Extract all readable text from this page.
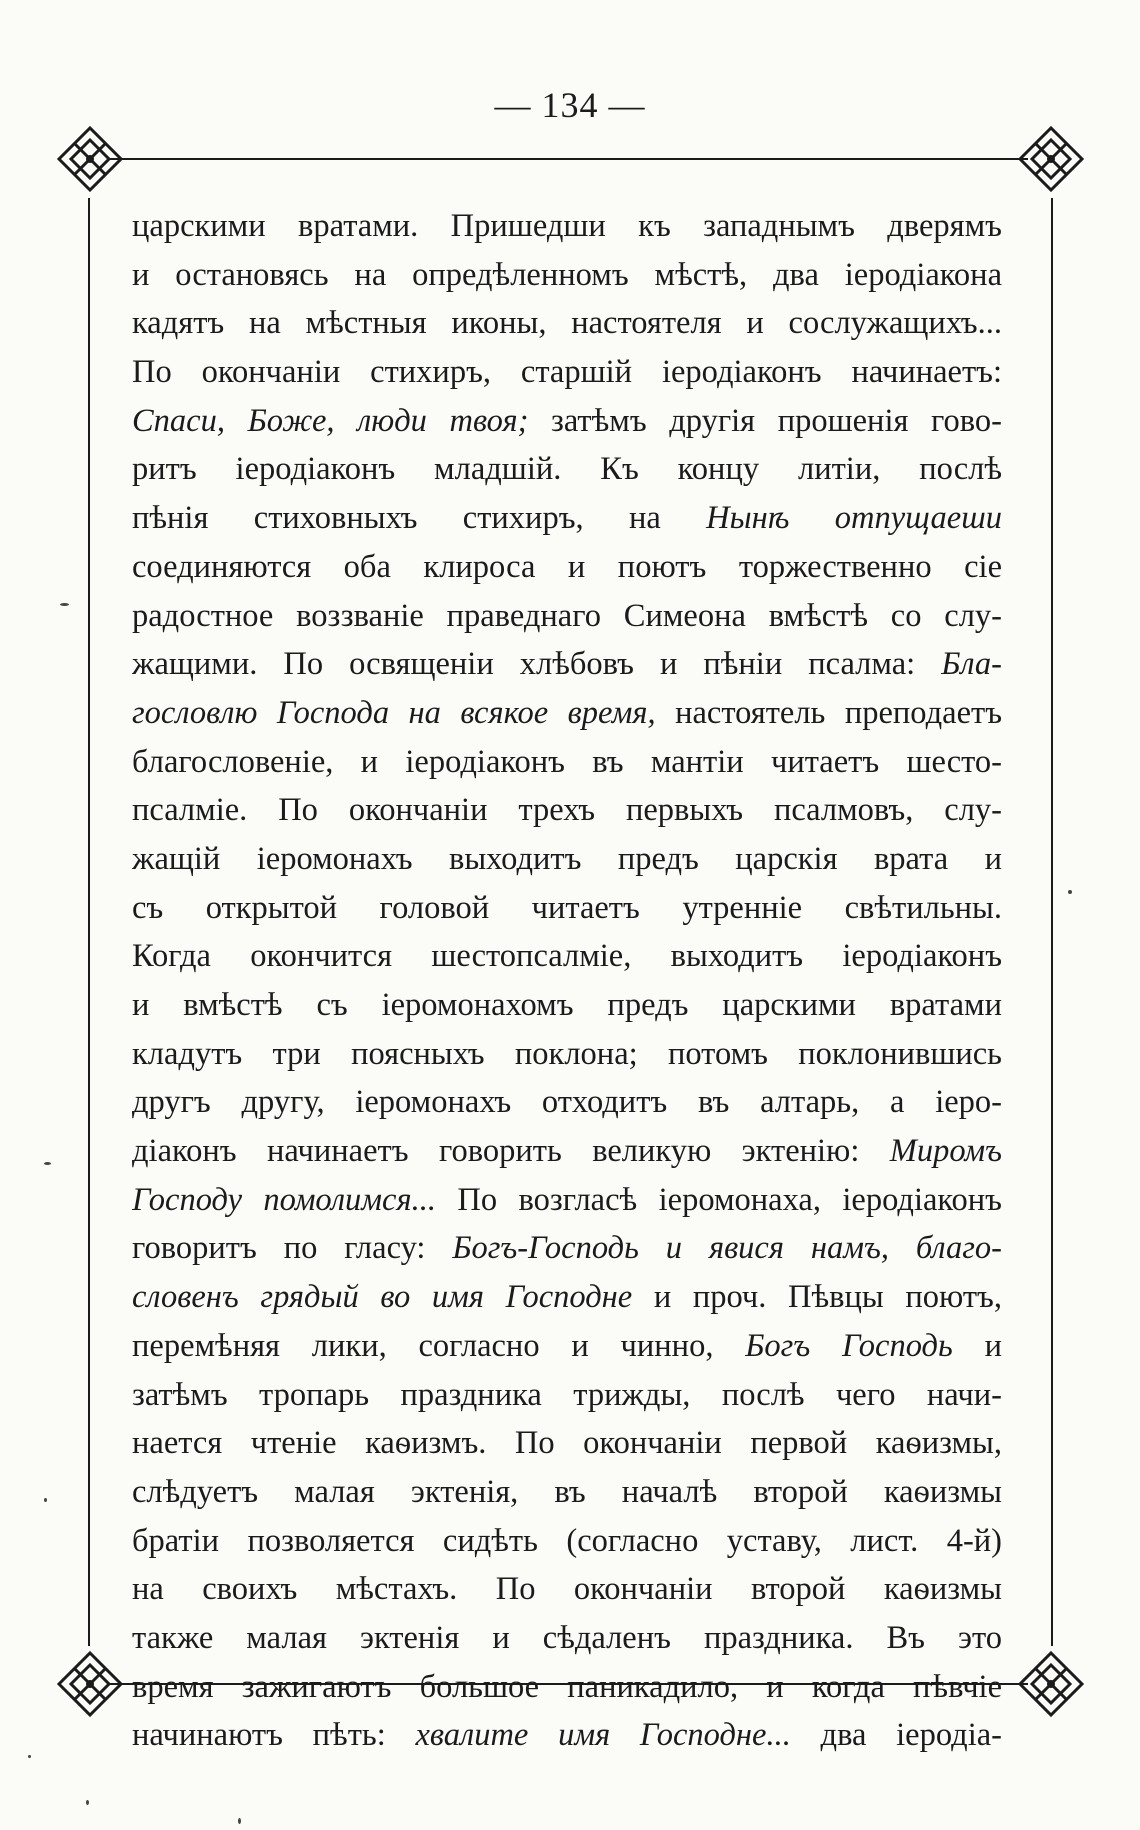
— 134 —
царскими вратами. Пришедши къ западнымъ дверямъ
и остановясь на опредѣленномъ мѣстѣ, два іеродіакона
кадятъ на мѣстныя иконы, настоятеля и сослужащихъ...
По окончаніи стихиръ, старшій іеродіаконъ начинаетъ:
Спаси, Боже, люди твоя; затѣмъ другія прошенія гово-
ритъ іеродіаконъ младшій. Къ концу литіи, послѣ
пѣнія стиховныхъ стихиръ, на Нынѣ отпущаеши
соединяются оба клироса и поютъ торжественно сіе
радостное воззваніе праведнаго Симеона вмѣстѣ со слу-
жащими. По освященіи хлѣбовъ и пѣніи псалма: Бла-
гословлю Господа на всякое время, настоятель преподаетъ
благословеніе, и іеродіаконъ въ мантіи читаетъ шесто-
псалміе. По окончаніи трехъ первыхъ псалмовъ, слу-
жащій іеромонахъ выходитъ предъ царскія врата и
съ открытой головой читаетъ утренніе свѣтильны.
Когда окончится шестопсалміе, выходитъ іеродіаконъ
и вмѣстѣ съ іеромонахомъ предъ царскими вратами
кладутъ три поясныхъ поклона; потомъ поклонившись
другъ другу, іеромонахъ отходитъ въ алтарь, а іеро-
діаконъ начинаетъ говорить великую эктенію: Миромъ
Господу помолимся... По возгласѣ іеромонаха, іеродіаконъ
говоритъ по гласу: Богъ-Господь и явися намъ, благо-
словенъ грядый во имя Господне и проч. Пѣвцы поютъ,
перемѣняя лики, согласно и чинно, Богъ Господь и
затѣмъ тропарь праздника трижды, послѣ чего начи-
нается чтеніе каѳизмъ. По окончаніи первой каѳизмы,
слѣдуетъ малая эктенія, въ началѣ второй каѳизмы
братіи позволяется сидѣть (согласно уставу, лист. 4-й)
на своихъ мѣстахъ. По окончаніи второй каѳизмы
также малая эктенія и сѣдаленъ праздника. Въ это
время зажигаютъ большое паникадило, и когда пѣвчіе
начинаютъ пѣть: хвалите имя Господне... два іеродіа-
